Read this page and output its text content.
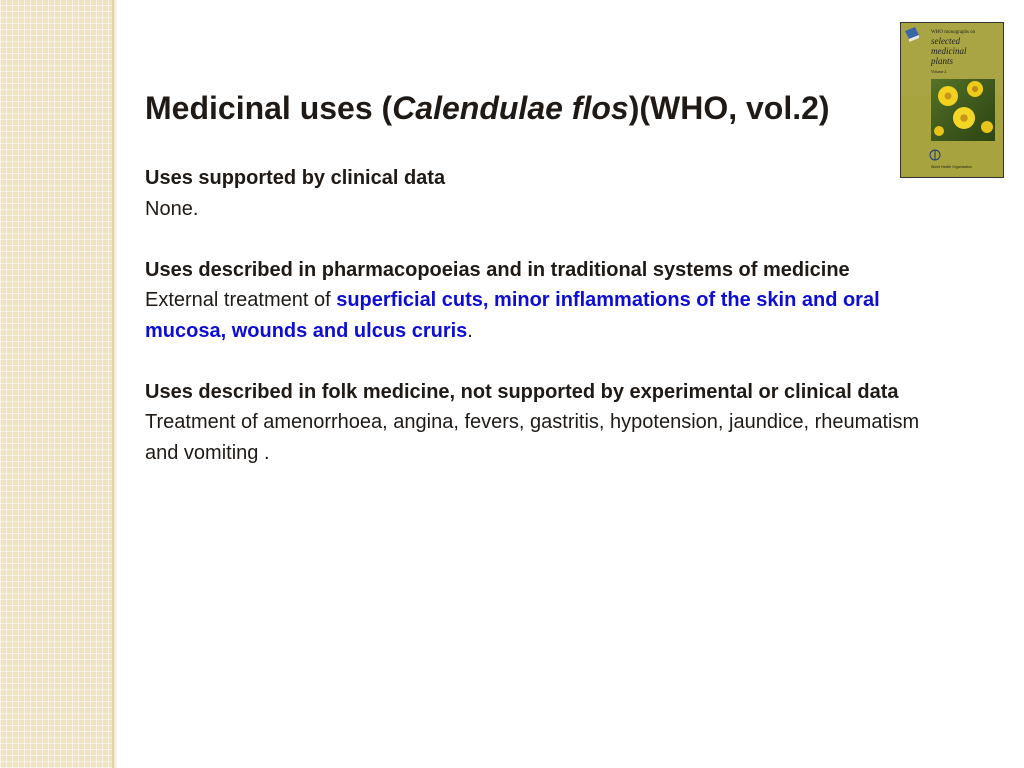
Medicinal uses (Calendulae flos)(WHO, vol.2)

Uses supported by clinical data

None.

Uses described in pharmacopoeias and in traditional systems of medicine

External treatment of superficial cuts, minor inflammations of the skin and oral mucosa, wounds and ulcus cruris.

Uses described in folk medicine, not supported by experimental or clinical data

Treatment of amenorrhoea, angina, fevers, gastritis, hypotension, jaundice, rheumatism and vomiting .

WHO monographs on
selected
medicinal
plants
Volume 2
World Health Organization
